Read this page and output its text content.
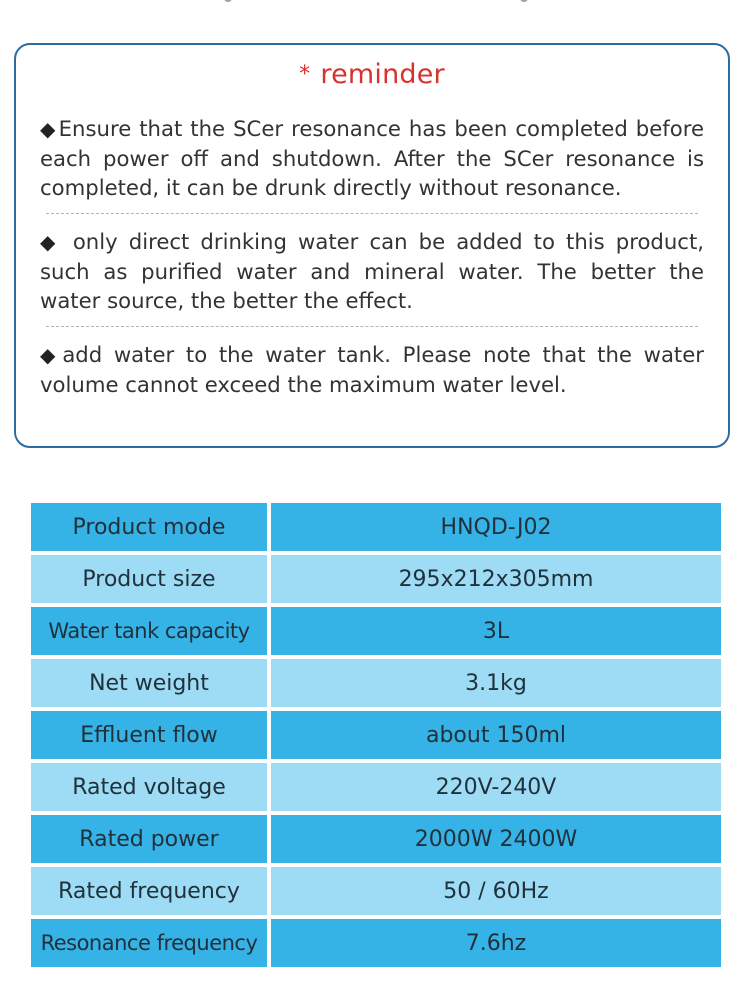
* reminder

◆Ensure that the SCer resonance has been completed before each power off and shutdown. After the SCer resonance is completed, it can be drunk directly without resonance.

◆ only direct drinking water can be added to this product, such as purified water and mineral water. The better the water source, the better the effect.

◆add water to the water tank. Please note that the water volume cannot exceed the maximum water level.

Product mode	HNQD-J02
Product size	295x212x305mm
Water tank capacity	3L
Net weight	3.1kg
Effluent flow	about 150ml
Rated voltage	220V-240V
Rated power	2000W 2400W
Rated frequency	50 / 60Hz
Resonance frequency	7.6hz
